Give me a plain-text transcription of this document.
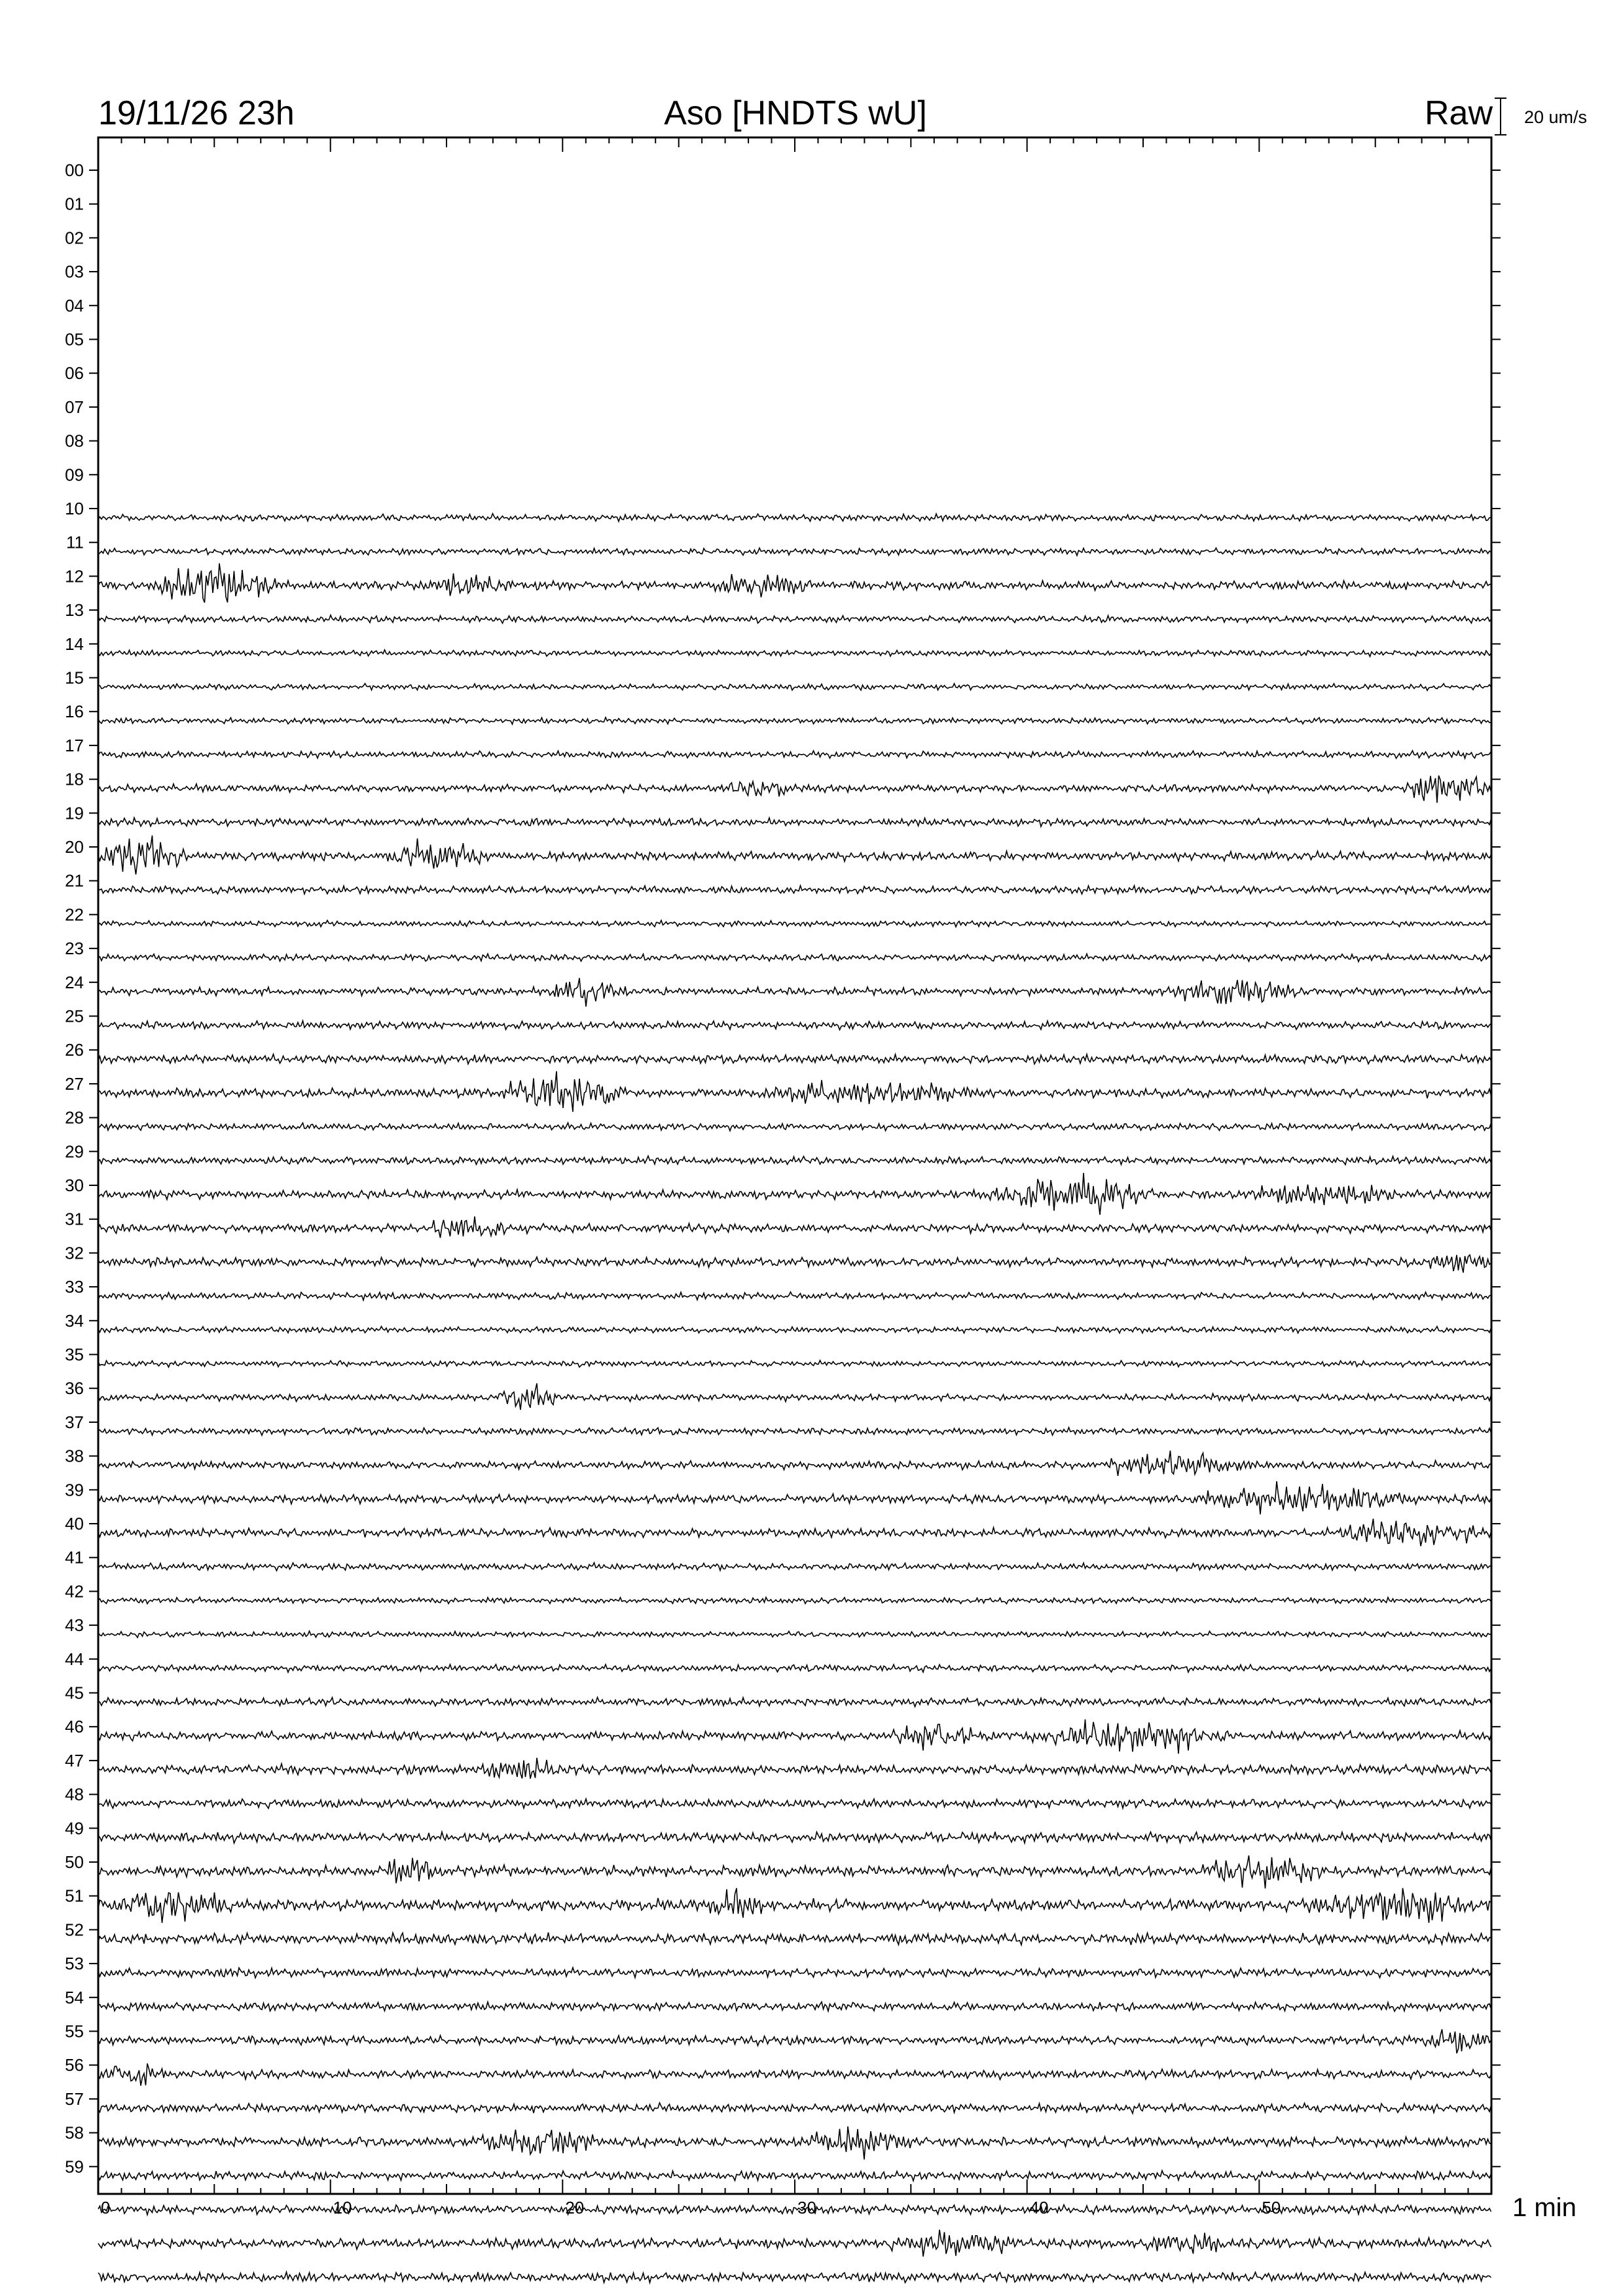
19/11/26 23h	Aso [HNDTS wU]	Raw 20 um/s
00
01
02
03
04
05
06
07
08
09
10
11
12
13
14
15
16
17
18
19
20
21
22
23
24
25
26
27
28
29
30
31
32
33
34
35
36
37
38
39
40
41
42
43
44
45
46
47
48
49
50
51
52
53
54
55
56
57
58
59
0	10	20	30	40	50	1 min
